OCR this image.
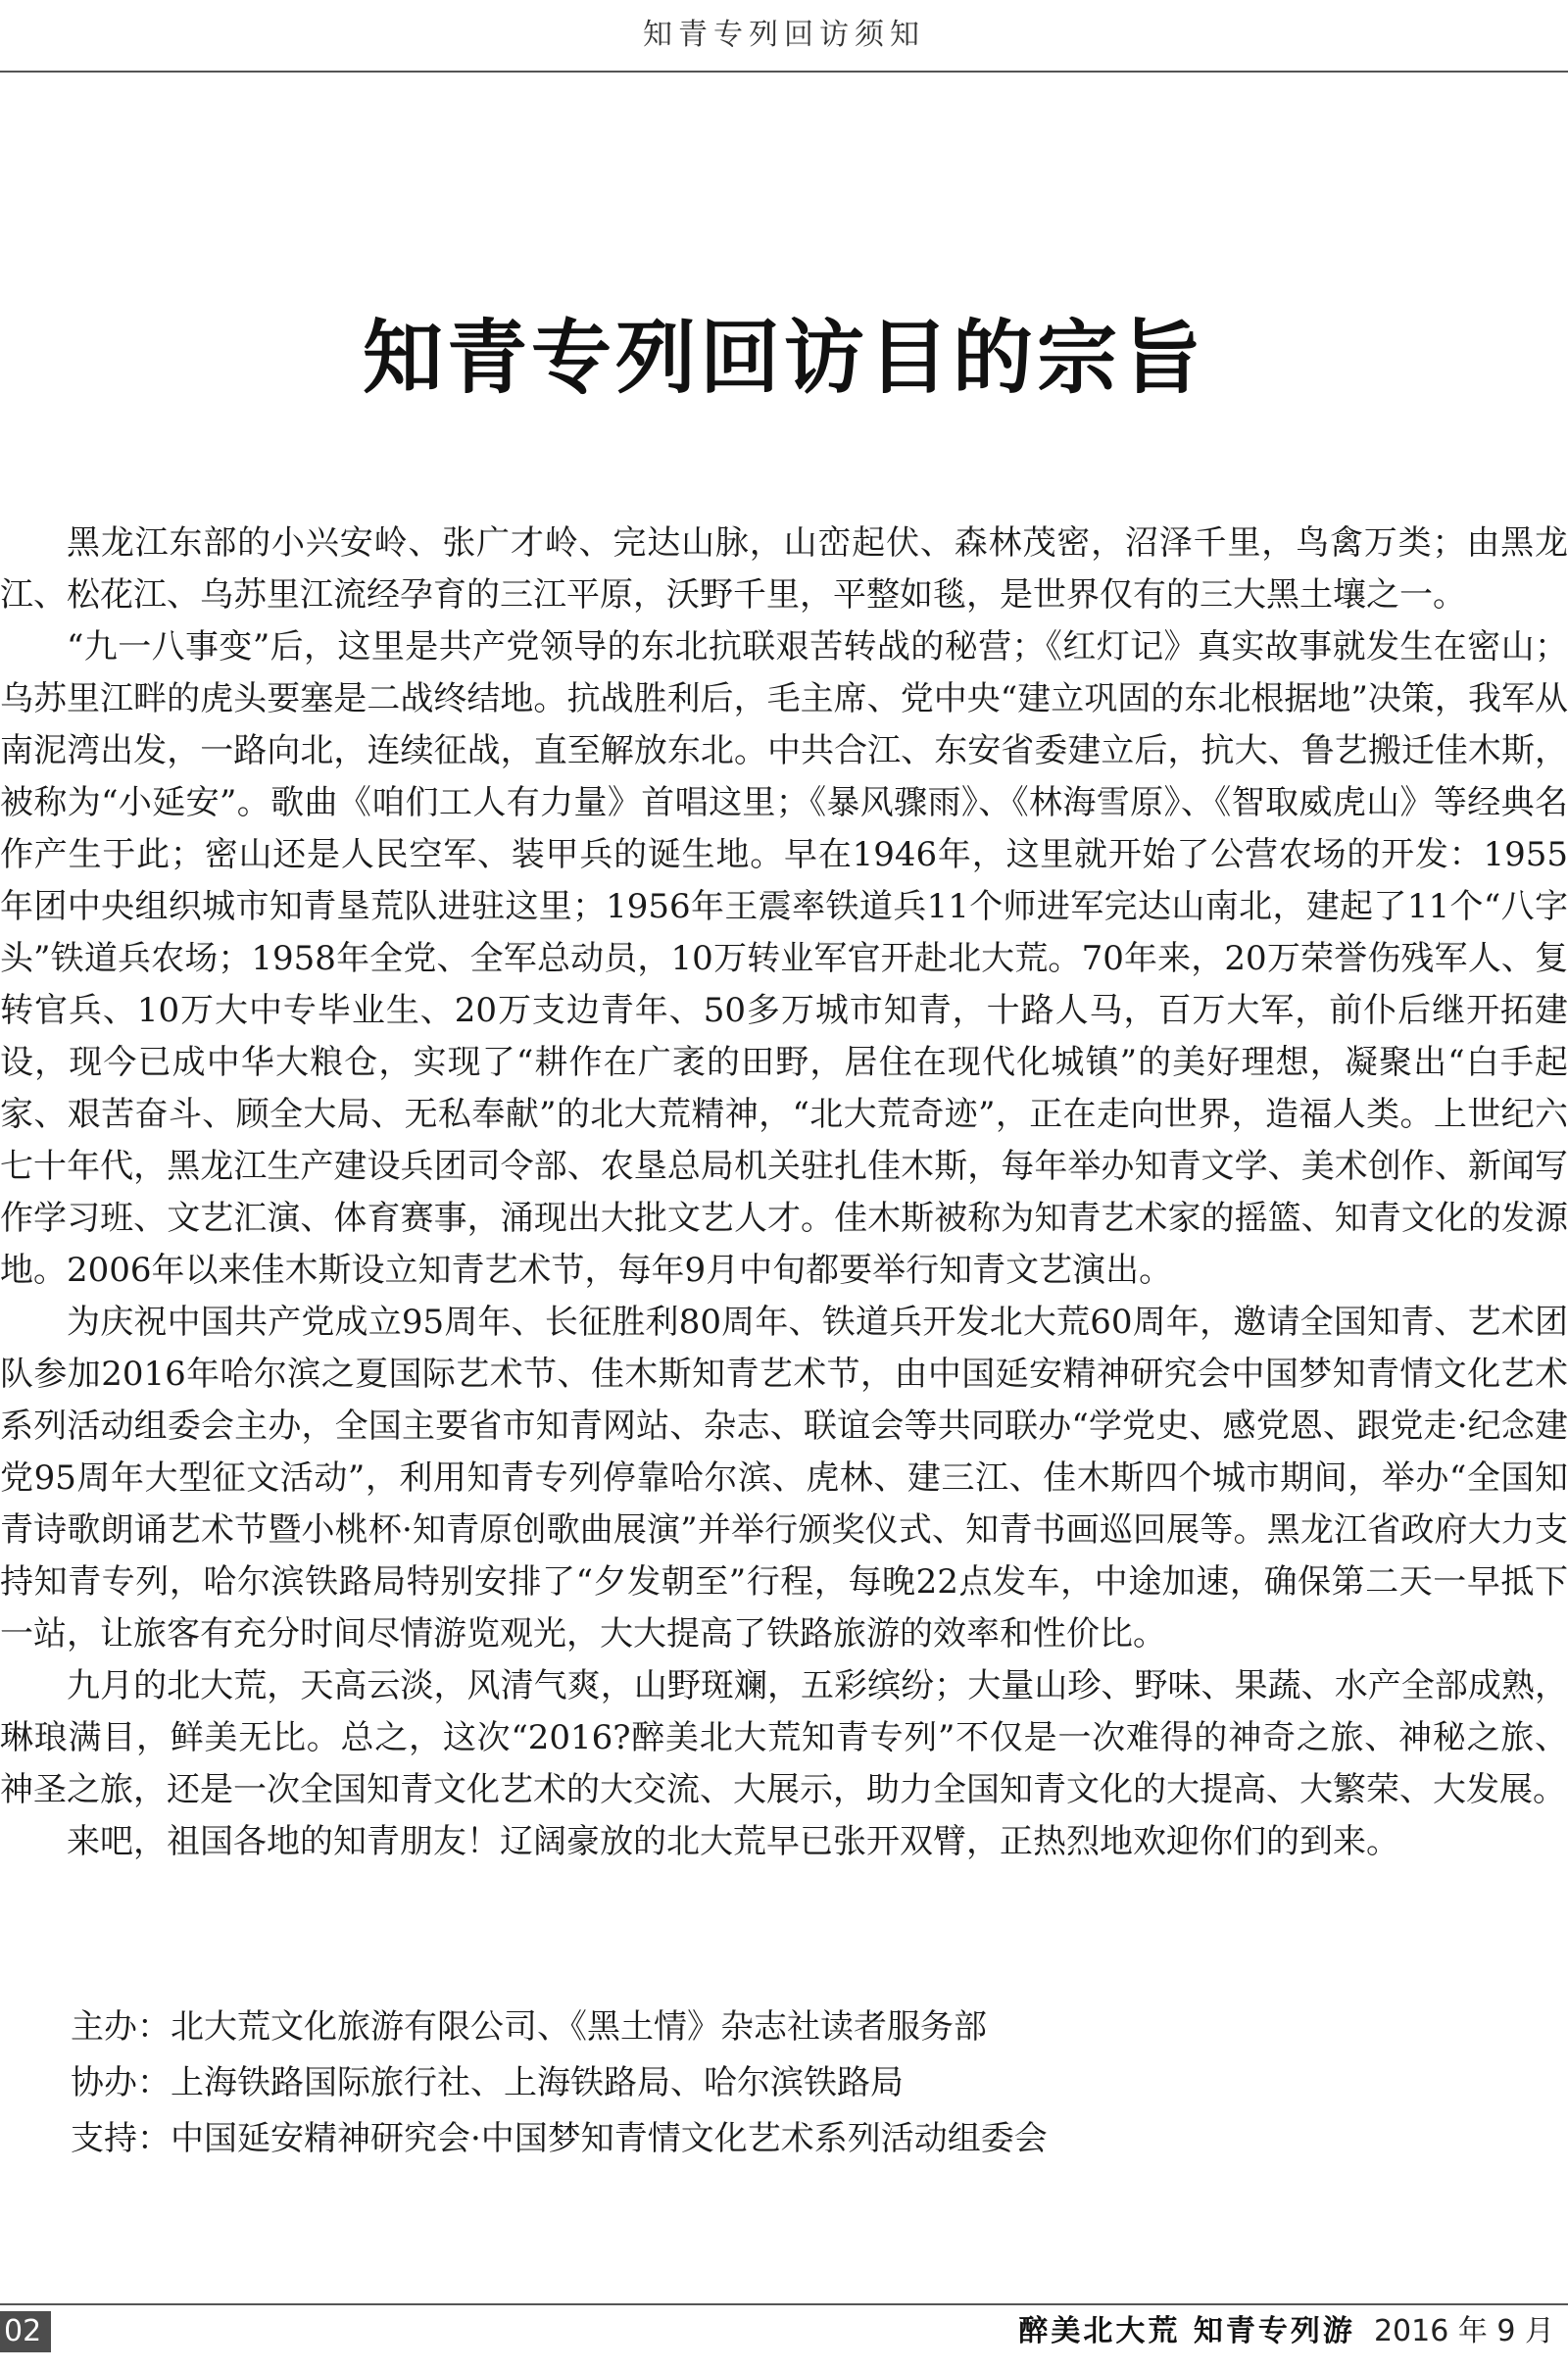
知青专列回访须知
知青专列回访目的宗旨

黑龙江东部的小兴安岭、张广才岭、完达山脉，山峦起伏、森林茂密，沼泽千里，鸟禽万类；由黑龙江、松花江、乌苏里江流经孕育的三江平原，沃野千里，平整如毯，是世界仅有的三大黑土壤之一。

“九一八事变”后，这里是共产党领导的东北抗联艰苦转战的秘营；《红灯记》真实故事就发生在密山；乌苏里江畔的虎头要塞是二战终结地。抗战胜利后，毛主席、党中央“建立巩固的东北根据地”决策，我军从南泥湾出发，一路向北，连续征战，直至解放东北。中共合江、东安省委建立后，抗大、鲁艺搬迁佳木斯，被称为“小延安”。歌曲《咱们工人有力量》首唱这里；《暴风骤雨》、《林海雪原》、《智取威虎山》等经典名作产生于此；密山还是人民空军、装甲兵的诞生地。早在1946年，这里就开始了公营农场的开发：1955年团中央组织城市知青垦荒队进驻这里；1956年王震率铁道兵11个师进军完达山南北，建起了11个“八字头”铁道兵农场；1958年全党、全军总动员，10万转业军官开赴北大荒。70年来，20万荣誉伤残军人、复转官兵、10万大中专毕业生、20万支边青年、50多万城市知青，十路人马，百万大军，前仆后继开拓建设，现今已成中华大粮仓，实现了“耕作在广袤的田野，居住在现代化城镇”的美好理想，凝聚出“白手起家、艰苦奋斗、顾全大局、无私奉献”的北大荒精神，“北大荒奇迹”，正在走向世界，造福人类。上世纪六七十年代，黑龙江生产建设兵团司令部、农垦总局机关驻扎佳木斯，每年举办知青文学、美术创作、新闻写作学习班、文艺汇演、体育赛事，涌现出大批文艺人才。佳木斯被称为知青艺术家的摇篮、知青文化的发源地。2006年以来佳木斯设立知青艺术节，每年9月中旬都要举行知青文艺演出。

为庆祝中国共产党成立95周年、长征胜利80周年、铁道兵开发北大荒60周年，邀请全国知青、艺术团队参加2016年哈尔滨之夏国际艺术节、佳木斯知青艺术节，由中国延安精神研究会中国梦知青情文化艺术系列活动组委会主办，全国主要省市知青网站、杂志、联谊会等共同联办“学党史、感党恩、跟党走·纪念建党95周年大型征文活动”，利用知青专列停靠哈尔滨、虎林、建三江、佳木斯四个城市期间，举办“全国知青诗歌朗诵艺术节暨小桃杯·知青原创歌曲展演”并举行颁奖仪式、知青书画巡回展等。黑龙江省政府大力支持知青专列，哈尔滨铁路局特别安排了“夕发朝至”行程，每晚22点发车，中途加速，确保第二天一早抵下一站，让旅客有充分时间尽情游览观光，大大提高了铁路旅游的效率和性价比。

九月的北大荒，天高云淡，风清气爽，山野斑斓，五彩缤纷；大量山珍、野味、果蔬、水产全部成熟，琳琅满目，鲜美无比。总之，这次“2016?醉美北大荒知青专列”不仅是一次难得的神奇之旅、神秘之旅、神圣之旅，还是一次全国知青文化艺术的大交流、大展示，助力全国知青文化的大提高、大繁荣、大发展。

来吧，祖国各地的知青朋友！辽阔豪放的北大荒早已张开双臂，正热烈地欢迎你们的到来。

主办：北大荒文化旅游有限公司、《黑土情》杂志社读者服务部
协办：上海铁路国际旅行社、上海铁路局、哈尔滨铁路局
支持：中国延安精神研究会·中国梦知青情文化艺术系列活动组委会
02	醉美北大荒 知青专列游 2016 年 9 月
